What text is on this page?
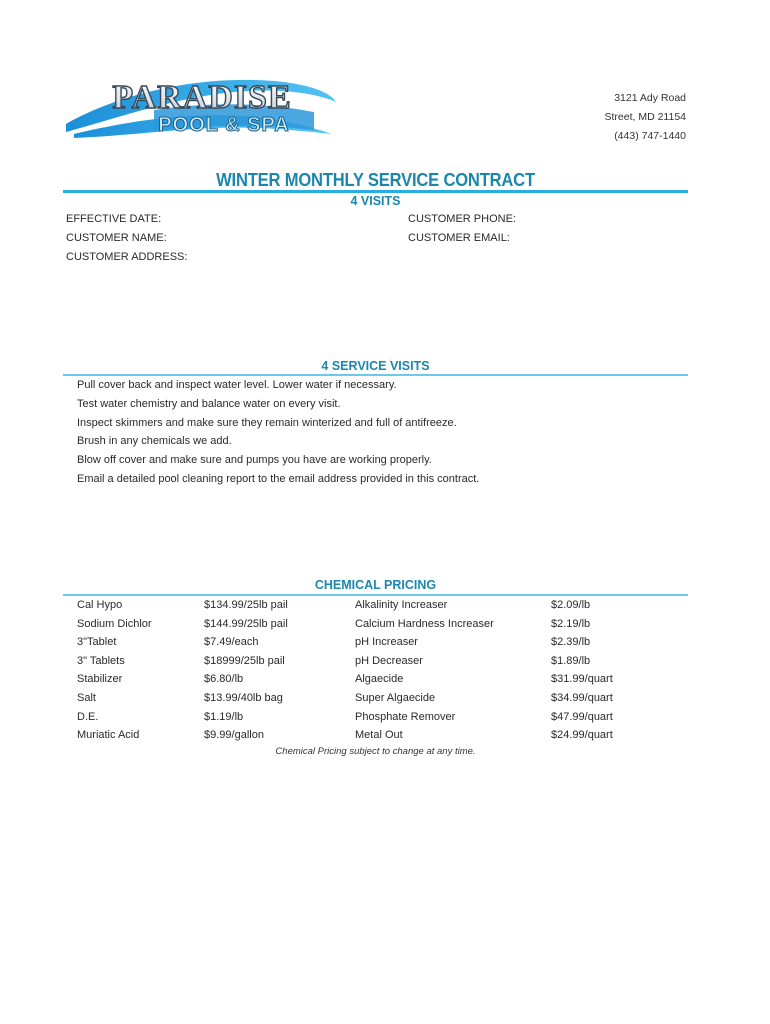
PARADISE
POOL & SPA
3121 Ady Road
Street, MD 21154
(443) 747-1440
WINTER MONTHLY SERVICE CONTRACT
4 VISITS
EFFECTIVE DATE:
CUSTOMER NAME:
CUSTOMER ADDRESS:
CUSTOMER PHONE:
CUSTOMER EMAIL:
4 SERVICE VISITS
Pull cover back and inspect water level. Lower water if necessary.
Test water chemistry and balance water on every visit.
Inspect skimmers and make sure they remain winterized and full of antifreeze.
Brush in any chemicals we add.
Blow off cover and make sure and pumps you have are working properly.
Email a detailed pool cleaning report to the email address provided in this contract.
CHEMICAL PRICING
Cal Hypo
Sodium Dichlor
3"Tablet
3" Tablets
Stabilizer
Salt
D.E.
Muriatic Acid
$134.99/25lb pail
$144.99/25lb pail
$7.49/each
$18999/25lb pail
$6.80/lb
$13.99/40lb bag
$1.19/lb
$9.99/gallon
Alkalinity Increaser
Calcium Hardness Increaser
pH Increaser
pH Decreaser
Algaecide
Super Algaecide
Phosphate Remover
Metal Out
$2.09/lb
$2.19/lb
$2.39/lb
$1.89/lb
$31.99/quart
$34.99/quart
$47.99/quart
$24.99/quart
Chemical Pricing subject to change at any time.
